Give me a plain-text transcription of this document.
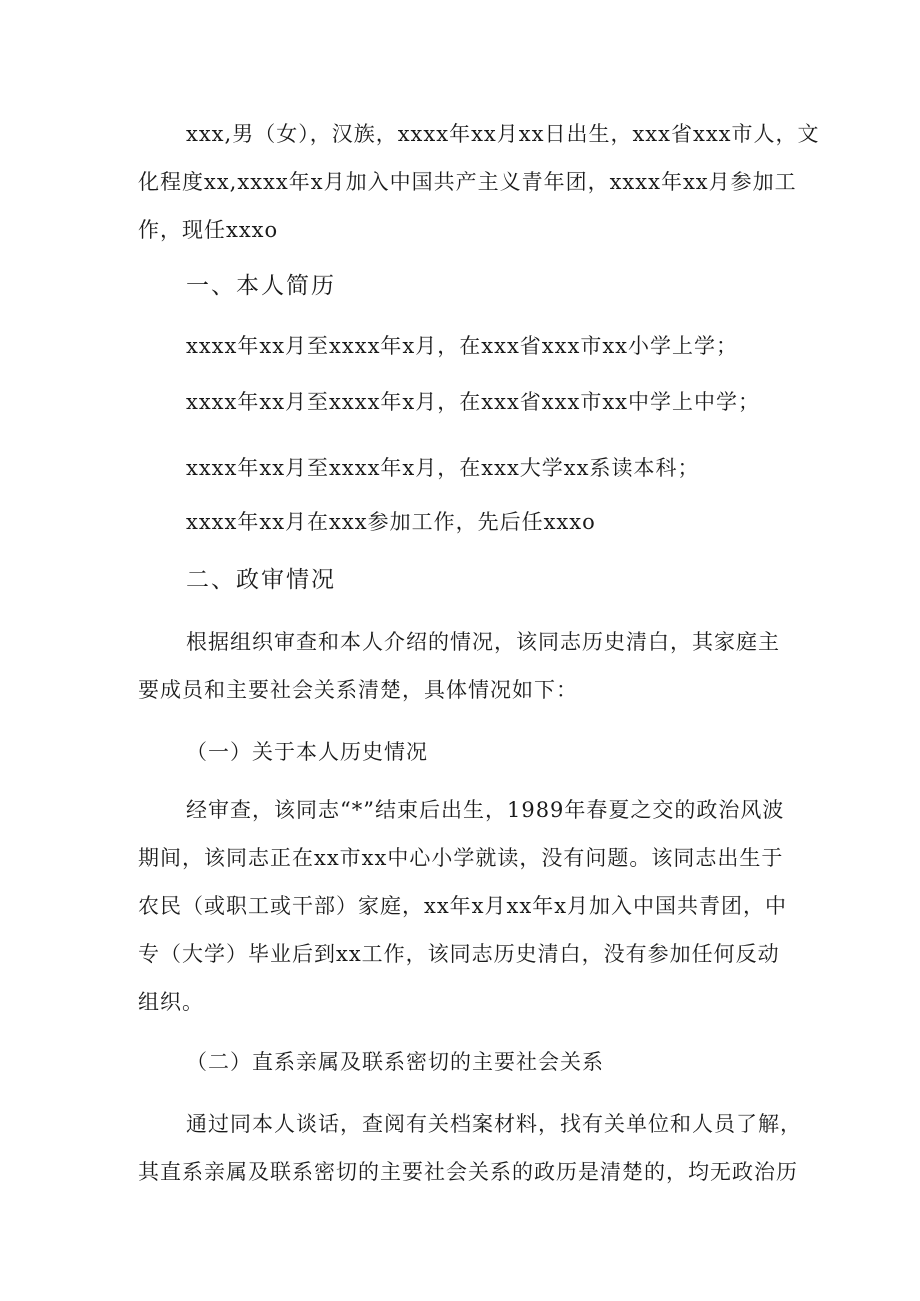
xxx,男（女），汉族，xxxx年xx月xx日出生，xxx省xxx市人，文
化程度xx,xxxx年x月加入中国共产主义青年团，xxxx年xx月参加工
作，现任xxxo
一、本人简历
xxxx年xx月至xxxx年x月，在xxx省xxx市xx小学上学；
xxxx年xx月至xxxx年x月，在xxx省xxx市xx中学上中学；
xxxx年xx月至xxxx年x月，在xxx大学xx系读本科；
xxxx年xx月在xxx参加工作，先后任xxxo
二、政审情况
根据组织审查和本人介绍的情况，该同志历史清白，其家庭主
要成员和主要社会关系清楚，具体情况如下：
（一）关于本人历史情况
经审查，该同志“*”结束后出生，1989年春夏之交的政治风波
期间，该同志正在xx市xx中心小学就读，没有问题。该同志出生于
农民（或职工或干部）家庭，xx年x月xx年x月加入中国共青团，中
专（大学）毕业后到xx工作，该同志历史清白，没有参加任何反动
组织。
（二）直系亲属及联系密切的主要社会关系
通过同本人谈话，查阅有关档案材料，找有关单位和人员了解，
其直系亲属及联系密切的主要社会关系的政历是清楚的，均无政治历
